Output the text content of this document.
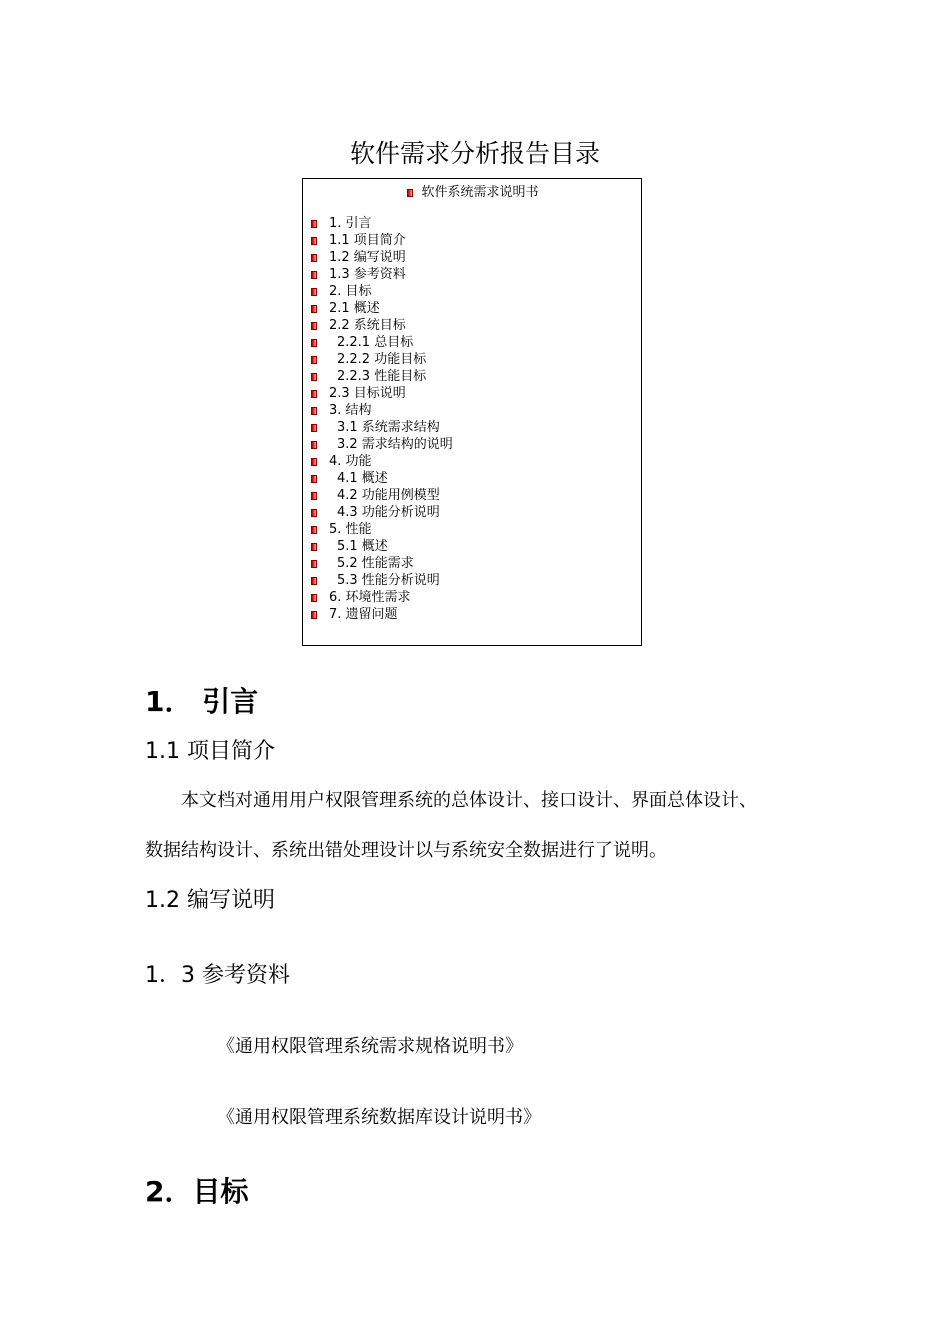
软件需求分析报告目录
软件系统需求说明书
1. 引言
1.1 项目简介
1.2 编写说明
1.3 参考资料
2. 目标
2.1 概述
2.2 系统目标
2.2.1 总目标
2.2.2 功能目标
2.2.3 性能目标
2.3 目标说明
3. 结构
3.1 系统需求结构
3.2 需求结构的说明
4. 功能
4.1 概述
4.2 功能用例模型
4.3 功能分析说明
5. 性能
5.1 概述
5.2 性能需求
5.3 性能分析说明
6. 环境性需求
7. 遗留问题
1． 引言
1.1 项目简介
本文档对通用用户权限管理系统的总体设计、接口设计、界面总体设计、
数据结构设计、系统出错处理设计以与系统安全数据进行了说明。
1.2 编写说明
1．3 参考资料
《通用权限管理系统需求规格说明书》
《通用权限管理系统数据库设计说明书》
2．目标
